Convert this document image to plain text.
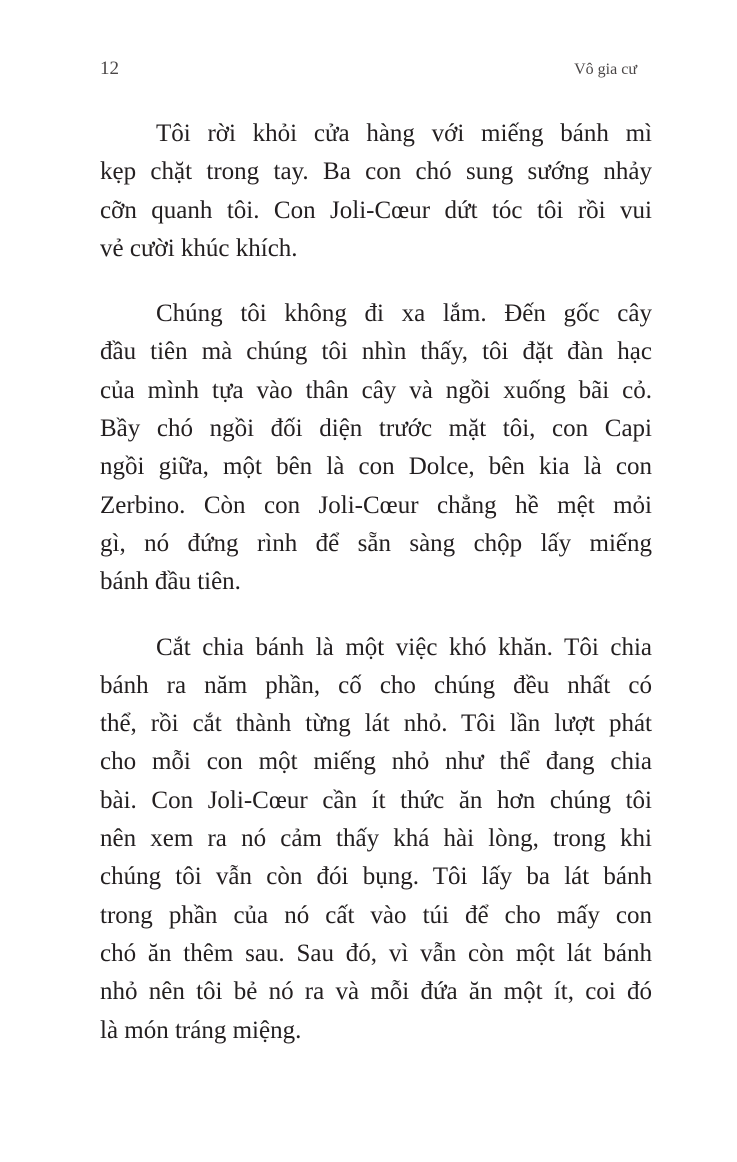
12	Vô gia cư

Tôi rời khỏi cửa hàng với miếng bánh mì
kẹp chặt trong tay. Ba con chó sung sướng nhảy
cỡn quanh tôi. Con Joli-Cœur dứt tóc tôi rồi vui
vẻ cười khúc khích.

Chúng tôi không đi xa lắm. Đến gốc cây
đầu tiên mà chúng tôi nhìn thấy, tôi đặt đàn hạc
của mình tựa vào thân cây và ngồi xuống bãi cỏ.
Bầy chó ngồi đối diện trước mặt tôi, con Capi
ngồi giữa, một bên là con Dolce, bên kia là con
Zerbino. Còn con Joli-Cœur chẳng hề mệt mỏi
gì, nó đứng rình để sẵn sàng chộp lấy miếng
bánh đầu tiên.

Cắt chia bánh là một việc khó khăn. Tôi chia
bánh ra năm phần, cố cho chúng đều nhất có
thể, rồi cắt thành từng lát nhỏ. Tôi lần lượt phát
cho mỗi con một miếng nhỏ như thể đang chia
bài. Con Joli-Cœur cần ít thức ăn hơn chúng tôi
nên xem ra nó cảm thấy khá hài lòng, trong khi
chúng tôi vẫn còn đói bụng. Tôi lấy ba lát bánh
trong phần của nó cất vào túi để cho mấy con
chó ăn thêm sau. Sau đó, vì vẫn còn một lát bánh
nhỏ nên tôi bẻ nó ra và mỗi đứa ăn một ít, coi đó
là món tráng miệng.
